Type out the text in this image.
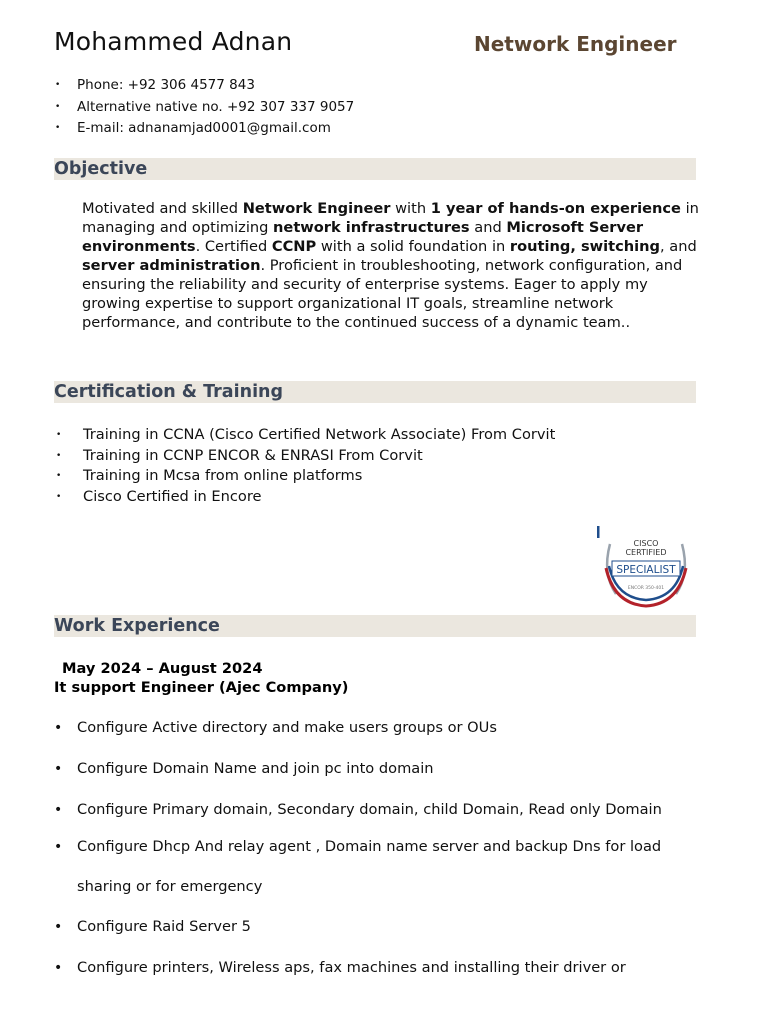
Mohammed Adnan	Network Engineer
• Phone: +92 306 4577 843
• Alternative native no. +92 307 337 9057
• E-mail: adnanamjad0001@gmail.com
Objective
Motivated and skilled Network Engineer with 1 year of hands-on experience in managing and optimizing network infrastructures and Microsoft Server environments. Certified CCNP with a solid foundation in routing, switching, and server administration. Proficient in troubleshooting, network configuration, and ensuring the reliability and security of enterprise systems. Eager to apply my growing expertise to support organizational IT goals, streamline network performance, and contribute to the continued success of a dynamic team..
Certification & Training
• Training in CCNA (Cisco Certified Network Associate) From Corvit
• Training in CCNP ENCOR & ENRASI From Corvit
• Training in Mcsa from online platforms
• Cisco Certified in Encore
CISCO
CERTIFIED
SPECIALIST
ENCOR 350-401
Work Experience
May 2024 – August 2024
It support Engineer (Ajec Company)
• Configure Active directory and make users groups or OUs
• Configure Domain Name and join pc into domain
• Configure Primary domain, Secondary domain, child Domain, Read only Domain
• Configure Dhcp And relay agent , Domain name server and backup Dns for load sharing or for emergency
• Configure Raid Server 5
• Configure printers, Wireless aps, fax machines and installing their driver or
